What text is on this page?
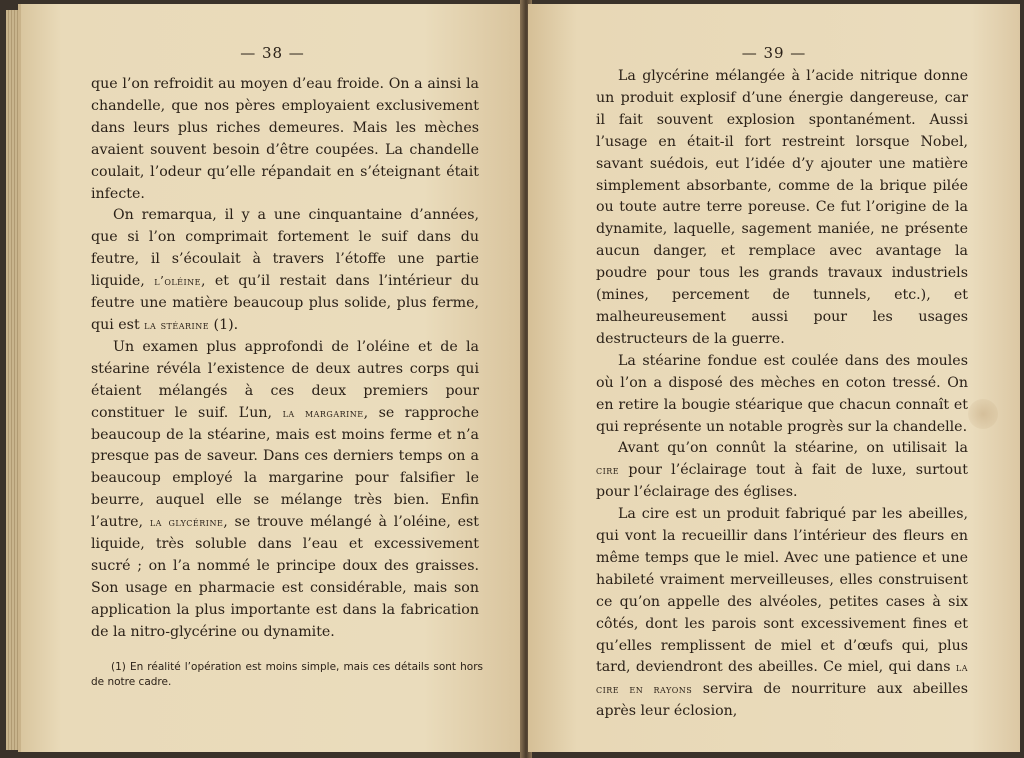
— 38 —

que l’on refroidit au moyen d’eau froide. On a ainsi la chandelle, que nos pères employaient exclusivement dans leurs plus riches demeures. Mais les mèches avaient souvent besoin d’être coupées. La chandelle coulait, l’odeur qu’elle répandait en s’éteignant était infecte.

On remarqua, il y a une cinquantaine d’années, que si l’on comprimait fortement le suif dans du feutre, il s’écoulait à travers l’étoffe une partie liquide, l’oléine, et qu’il restait dans l’intérieur du feutre une matière beaucoup plus solide, plus ferme, qui est la stéarine (1).

Un examen plus approfondi de l’oléine et de la stéarine révéla l’existence de deux autres corps qui étaient mélangés à ces deux premiers pour constituer le suif. L’un, la margarine, se rapproche beaucoup de la stéarine, mais est moins ferme et n’a presque pas de saveur. Dans ces derniers temps on a beaucoup employé la margarine pour falsifier le beurre, auquel elle se mélange très bien. Enfin l’autre, la glycérine, se trouve mélangé à l’oléine, est liquide, très soluble dans l’eau et excessivement sucré ; on l’a nommé le principe doux des graisses. Son usage en pharmacie est considérable, mais son application la plus importante est dans la fabrication de la nitro-glycérine ou dynamite.

(1) En réalité l’opération est moins simple, mais ces détails sont hors de notre cadre.

— 39 —

La glycérine mélangée à l’acide nitrique donne un produit explosif d’une énergie dangereuse, car il fait souvent explosion spontanément. Aussi l’usage en était-il fort restreint lorsque Nobel, savant suédois, eut l’idée d’y ajouter une matière simplement absorbante, comme de la brique pilée ou toute autre terre poreuse. Ce fut l’origine de la dynamite, laquelle, sagement maniée, ne présente aucun danger, et remplace avec avantage la poudre pour tous les grands travaux industriels (mines, percement de tunnels, etc.), et malheureusement aussi pour les usages destructeurs de la guerre.

La stéarine fondue est coulée dans des moules où l’on a disposé des mèches en coton tressé. On en retire la bougie stéarique que chacun connaît et qui représente un notable progrès sur la chandelle.

Avant qu’on connût la stéarine, on utilisait la cire pour l’éclairage tout à fait de luxe, surtout pour l’éclairage des églises.

La cire est un produit fabriqué par les abeilles, qui vont la recueillir dans l’intérieur des fleurs en même temps que le miel. Avec une patience et une habileté vraiment merveilleuses, elles construisent ce qu’on appelle des alvéoles, petites cases à six côtés, dont les parois sont excessivement fines et qu’elles remplissent de miel et d’œufs qui, plus tard, deviendront des abeilles. Ce miel, qui dans la cire en rayons servira de nourriture aux abeilles après leur éclosion,
